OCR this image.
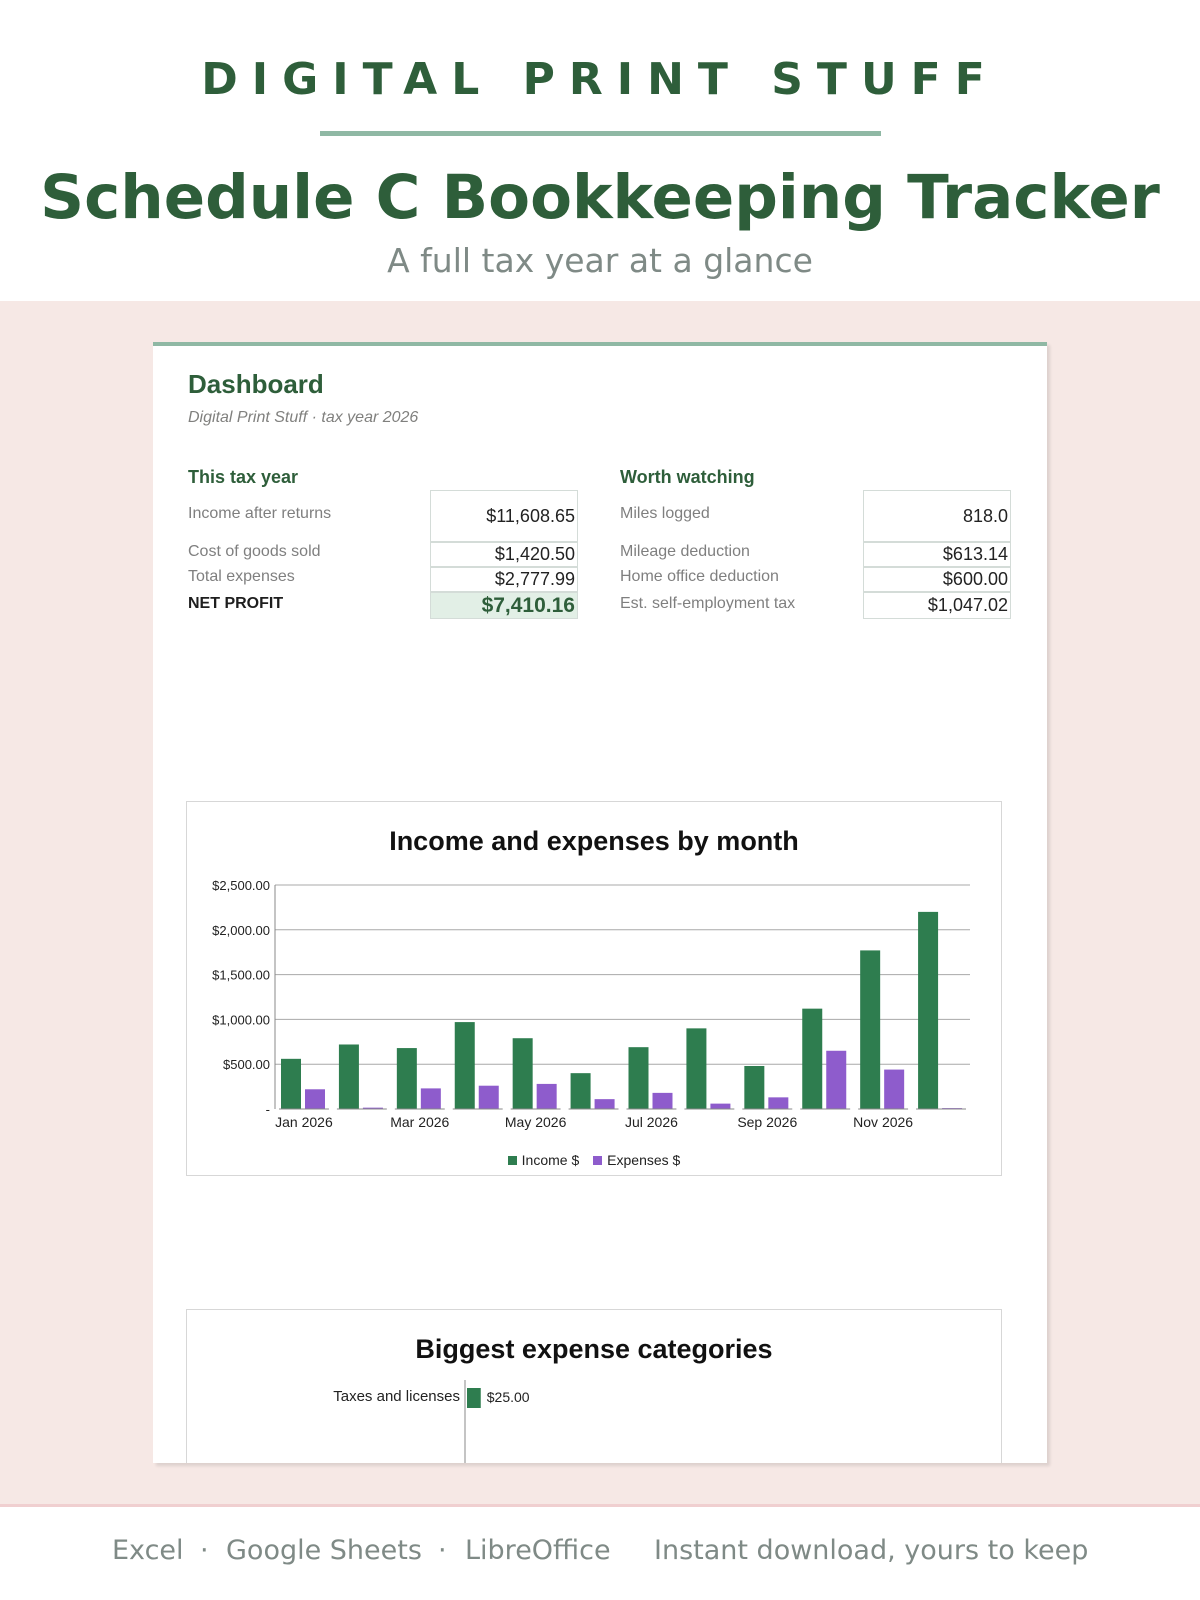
DIGITAL PRINT STUFF
Schedule C Bookkeeping Tracker
A full tax year at a glance
Dashboard
Digital Print Stuff · tax year 2026
This tax year
Income after returns	$11,608.65
Cost of goods sold	$1,420.50
Total expenses	$2,777.99
NET PROFIT	$7,410.16
Worth watching
Miles logged	818.0
Mileage deduction	$613.14
Home office deduction	$600.00
Est. self-employment tax	$1,047.02
Income and expenses by month
-
$500.00
$1,000.00
$1,500.00
$2,000.00
$2,500.00
Jan 2026	Mar 2026	May 2026	Jul 2026	Sep 2026	Nov 2026
Income $ Expenses $
Biggest expense categories
Taxes and licenses $25.00
Excel · Google Sheets · LibreOffice Instant download, yours to keep
